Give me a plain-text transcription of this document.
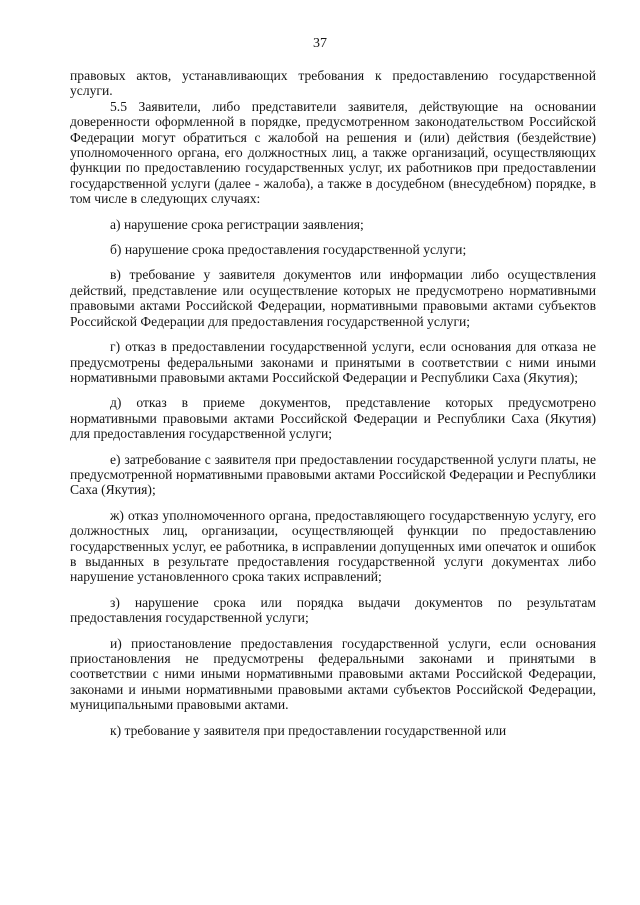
37

правовых актов, устанавливающих требования к предоставлению государственной услуги.

5.5 Заявители, либо представители заявителя, действующие на основании доверенности оформленной в порядке, предусмотренном законодательством Российской Федерации могут обратиться с жалобой на решения и (или) действия (бездействие) уполномоченного органа, его должностных лиц, а также организаций, осуществляющих функции по предоставлению государственных услуг, их работников при предоставлении государственной услуги (далее - жалоба), а также в досудебном (внесудебном) порядке, в том числе в следующих случаях:

а) нарушение срока регистрации заявления;

б) нарушение срока предоставления государственной услуги;

в) требование у заявителя документов или информации либо осуществления действий, представление или осуществление которых не предусмотрено нормативными правовыми актами Российской Федерации, нормативными правовыми актами субъектов Российской Федерации для предоставления государственной услуги;

г) отказ в предоставлении государственной услуги, если основания для отказа не предусмотрены федеральными законами и принятыми в соответствии с ними иными нормативными правовыми актами Российской Федерации и Республики Саха (Якутия);

д) отказ в приеме документов, представление которых предусмотрено нормативными правовыми актами Российской Федерации и Республики Саха (Якутия) для предоставления государственной услуги;

е) затребование с заявителя при предоставлении государственной услуги платы, не предусмотренной нормативными правовыми актами Российской Федерации и Республики Саха (Якутия);

ж) отказ уполномоченного органа, предоставляющего государственную услугу, его должностных лиц, организации, осуществляющей функции по предоставлению государственных услуг, ее работника, в исправлении допущенных ими опечаток и ошибок в выданных в результате предоставления государственной услуги документах либо нарушение установленного срока таких исправлений;

з) нарушение срока или порядка выдачи документов по результатам предоставления государственной услуги;

и) приостановление предоставления государственной услуги, если основания приостановления не предусмотрены федеральными законами и принятыми в соответствии с ними иными нормативными правовыми актами Российской Федерации, законами и иными нормативными правовыми актами субъектов Российской Федерации, муниципальными правовыми актами.

к) требование у заявителя при предоставлении государственной или
